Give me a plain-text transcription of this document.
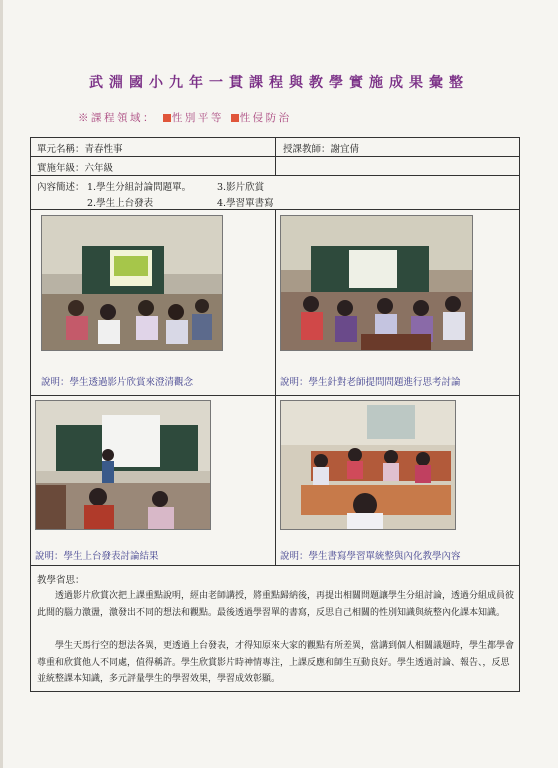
武淵國小九年一貫課程與教學實施成果彙整
※課程領域： 性別平等 性侵防治
單元名稱：青春性事	授課教師：謝宜倩
實施年級：六年級
內容簡述： 1.學生分組討論問題單。	3.影片欣賞
2.學生上台發表	4.學習單書寫
說明：學生透過影片欣賞來澄清觀念	說明：學生針對老師提問問題進行思考討論
說明：學生上台發表討論結果	說明：學生書寫學習單統整與內化教學內容
教學省思：
透過影片欣賞次把上課重點說明，經由老師講授，將重點歸納後，再提出相關問題讓學生分組討論，透過分組成員彼此間的腦力激盪，激發出不同的想法和觀點。最後透過學習單的書寫，反思自己相關的性別知識與統整內化課本知識。
學生天馬行空的想法各異，更透過上台發表，才得知原來大家的觀點有所差異，當講到個人相關議題時，學生都學會尊重和欣賞他人不同處，值得稱許。學生欣賞影片時神情專注，上課反應和師生互動良好。學生透過討論、報告、，反思並統整課本知識，多元評量學生的學習效果，學習成效彰顯。
